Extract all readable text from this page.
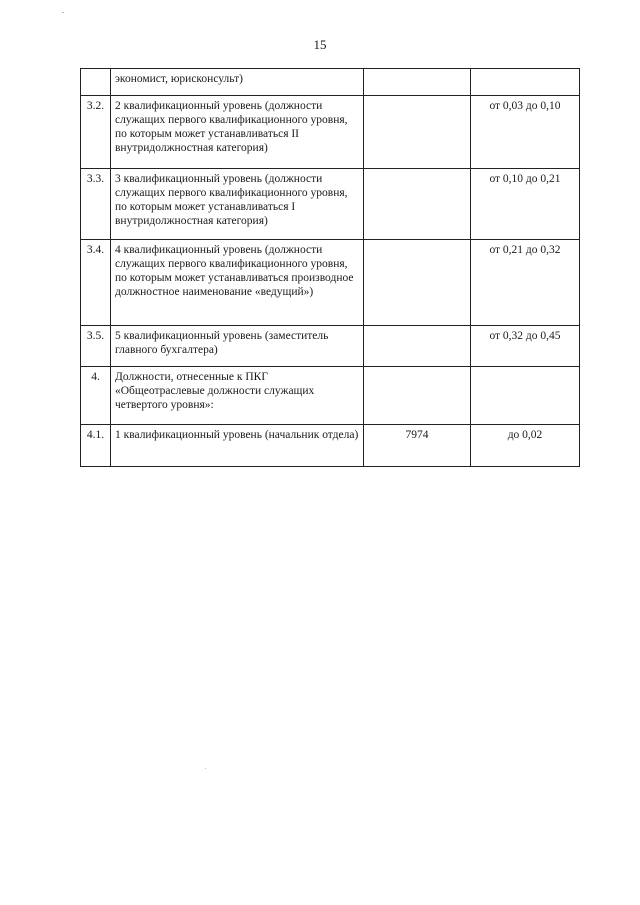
15
	экономист, юрисконсульт)		
3.2.	2 квалификационный уровень (должности служащих первого квалификационного уровня, по которым может устанавливаться II внутридолжностная категория)		от 0,03 до 0,10
3.3.	3 квалификационный уровень (должности служащих первого квалификационного уровня, по которым может устанавливаться I внутридолжностная категория)		от 0,10 до 0,21
3.4.	4 квалификационный уровень (должности служащих первого квалификационного уровня, по которым может устанавливаться производное должностное наименование «ведущий»)		от 0,21 до 0,32
3.5.	5 квалификационный уровень (заместитель главного бухгалтера)		от 0,32 до 0,45
4.	Должности, отнесенные к ПКГ «Общеотраслевые должности служащих четвертого уровня»:		
4.1.	1 квалификационный уровень (начальник отдела)	7974	до 0,02
